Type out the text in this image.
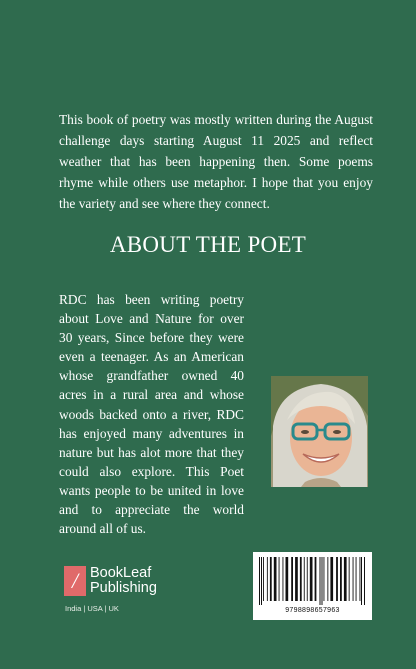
This book of poetry was mostly written during the August challenge days starting August 11 2025 and reflect weather that has been happening then. Some poems rhyme while others use metaphor. I hope that you enjoy the variety and see where they connect.
ABOUT THE POET
RDC has been writing poetry about Love and Nature for over 30 years, Since before they were even a teenager. As an American whose grandfather owned 40 acres in a rural area and whose woods backed onto a river, RDC has enjoyed many adventures in nature but has alot more that they could also explore. This Poet wants people to be united in love and to appreciate the world around all of us.
/ BookLeaf
Publishing
India | USA | UK	9798898657963
